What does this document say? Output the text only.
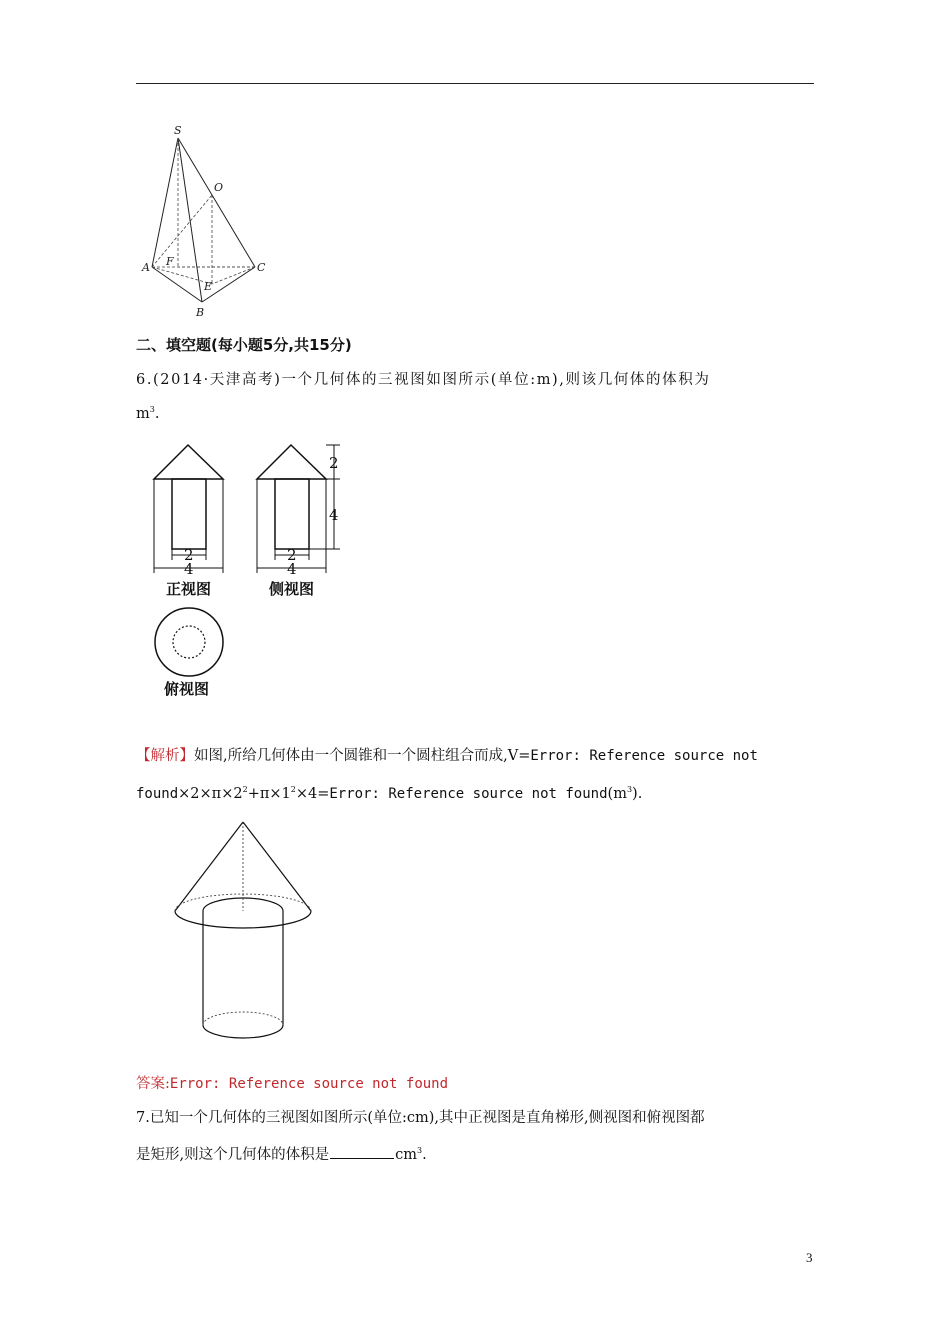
S
O
A F	C
E
B
二、填空题(每小题5分,共15分)
6.(2014·天津高考)一个几何体的三视图如图所示(单位:m),则该几何体的体积为
$m^3$.
2
4
2
4
2
4
正视图	侧视图
俯视图
【解析】如图,所给几何体由一个圆锥和一个圆柱组合而成,V=Error: Reference source not
$found\times 2\times\pi\times 2^2+\pi\times 1^2\times 4=Error$: Reference source not $found(m^3)$.
答案:Error: Reference source not found
7.已知一个几何体的三视图如图所示(单位:cm),其中正视图是直角梯形,侧视图和俯视图都
是矩形,则这个几何体的体积是	$cm^3$.
3
